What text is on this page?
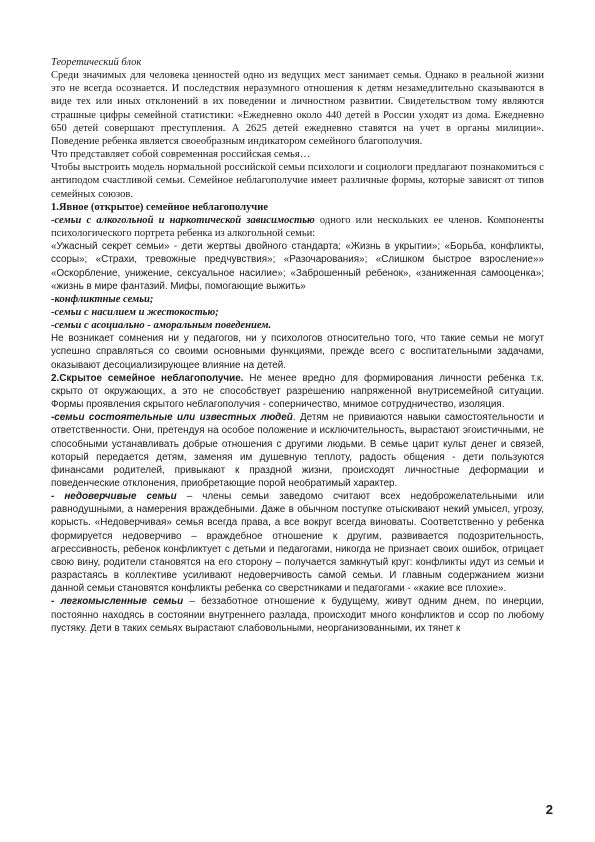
Теоретический блок

Среди значимых для человека ценностей одно из ведущих мест занимает семья. Однако в реальной жизни это не всегда осознается. И последствия неразумного отношения к детям незамедлительно сказываются в виде тех или иных отклонений в их поведении и личностном развитии. Свидетельством тому являются страшные цифры семейной статистики: «Ежедневно около 440 детей в России уходят из дома. Ежедневно 650 детей совершают преступления. А 2625 детей ежедневно ставятся на учет в органы милиции». Поведение ребенка является своеобразным индикатором семейного благополучия.

Что представляет собой современная российская семья…

Чтобы выстроить модель нормальной российской семьи психологи и социологи предлагают познакомиться с антиподом счастливой семьи. Семейное неблагополучие имеет различные формы, которые зависят от типов семейных союзов.

1.Явное (открытое) семейное неблагополучие

-семьи с алкогольной и наркотической зависимостью одного или нескольких ее членов. Компоненты психологического портрета ребенка из алкогольной семьи:

«Ужасный секрет семьи» - дети жертвы двойного стандарта; «Жизнь в укрытии»; «Борьба, конфликты, ссоры»; «Страхи, тревожные предчувствия»; «Разочарования»; «Слишком быстрое взросление»» «Оскорбление, унижение, сексуальное насилие»; «Заброшенный ребенок», «заниженная самооценка»; «жизнь в мире фантазий. Мифы, помогающие выжить»

-конфликтные семьи;

-семьи с насилием и жестокостью;

-семьи с асоциально - аморальным поведением.

Не возникает сомнения ни у педагогов, ни у психологов относительно того, что такие семьи не могут успешно справляться со своими основными функциями, прежде всего с воспитательными задачами, оказывают десоциализирующее влияние на детей.

2.Скрытое семейное неблагополучие. Не менее вредно для формирования личности ребенка т.к. скрыто от окружающих, а это не способствует разрешению напряженной внутрисемейной ситуации. Формы проявления скрытого неблагополучия - соперничество, мнимое сотрудничество, изоляция.

-семьи состоятельные или известных людей. Детям не привиаются навыки самостоятельности и ответственности. Они, претендуя на особое положение и исключительность, вырастают эгоистичными, не способными устанавливать добрые отношения с другими людьми. В семье царит культ денег и связей, который передается детям, заменяя им душевную теплоту, радость общения - дети пользуются финансами родителей, привыкают к праздной жизни, происходят личностные деформации и поведенческие отклонения, приобретающие порой необратимый характер.

- недоверчивые семьи – члены семьи заведомо считают всех недоброжелательными или равнодушными, а намерения враждебными. Даже в обычном поступке отыскивают некий умысел, угрозу, корысть. «Недоверчивая» семья всегда права, а все вокруг всегда виноваты. Соответственно у ребенка формируется недоверчиво – враждебное отношение к другим, развивается подозрительность, агрессивность, ребенок конфликтует с детьми и педагогами, никогда не признает своих ошибок, отрицает свою вину, родители становятся на его сторону – получается замкнутый круг: конфликты идут из семьи и разрастаясь в коллективе усиливают недоверчивость самой семьи. И главным содержанием жизни данной семьи становятся конфликты ребенка со сверстниками и педагогами - «какие все плохие».

- легкомысленные семьи – беззаботное отношение к будущему, живут одним днем, по инерции, постоянно находясь в состоянии внутреннего разлада, происходит много конфликтов и ссор по любому пустяку. Дети в таких семьях вырастают слабовольными, неорганизованными, их тянет к

2
